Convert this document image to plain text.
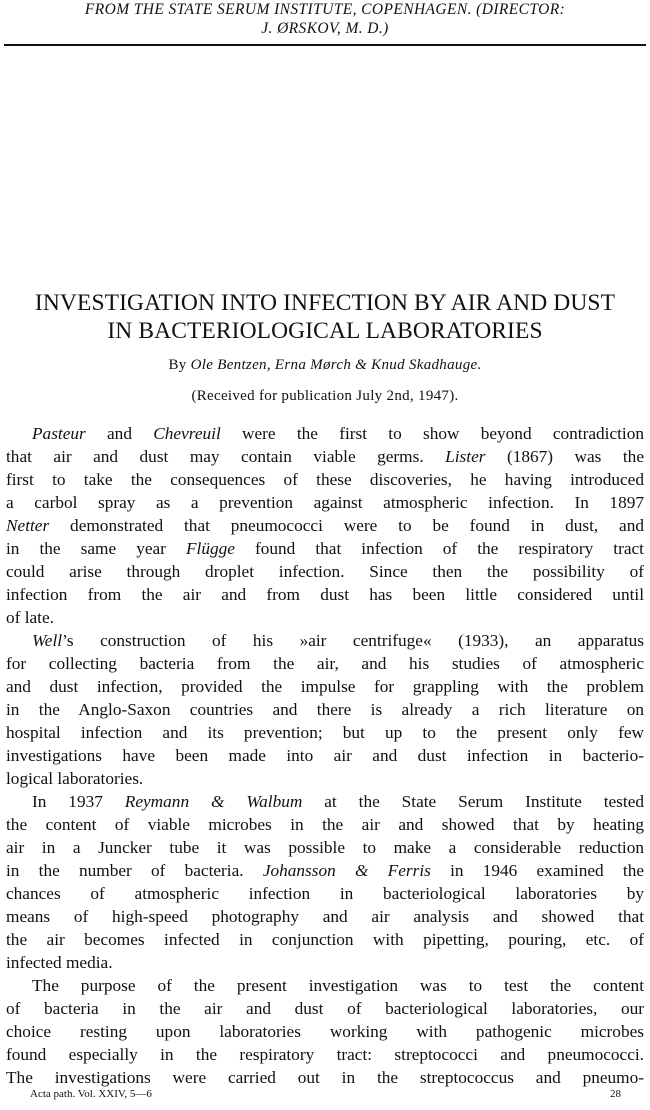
FROM THE STATE SERUM INSTITUTE, COPENHAGEN. (DIRECTOR:
J. ØRSKOV, M. D.)
INVESTIGATION INTO INFECTION BY AIR AND DUST
IN BACTERIOLOGICAL LABORATORIES
By Ole Bentzen, Erna Mørch & Knud Skadhauge.
(Received for publication July 2nd, 1947).
Pasteur and Chevreuil were the first to show beyond contradiction
that air and dust may contain viable germs. Lister (1867) was the
first to take the consequences of these discoveries, he having introduced
a carbol spray as a prevention against atmospheric infection. In 1897
Netter demonstrated that pneumococci were to be found in dust, and
in the same year Flügge found that infection of the respiratory tract
could arise through droplet infection. Since then the possibility of
infection from the air and from dust has been little considered until
of late.
Well’s construction of his »air centrifuge« (1933), an apparatus
for collecting bacteria from the air, and his studies of atmospheric
and dust infection, provided the impulse for grappling with the problem
in the Anglo-Saxon countries and there is already a rich literature on
hospital infection and its prevention; but up to the present only few
investigations have been made into air and dust infection in bacterio-
logical laboratories.
In 1937 Reymann & Walbum at the State Serum Institute tested
the content of viable microbes in the air and showed that by heating
air in a Juncker tube it was possible to make a considerable reduction
in the number of bacteria. Johansson & Ferris in 1946 examined the
chances of atmospheric infection in bacteriological laboratories by
means of high-speed photography and air analysis and showed that
the air becomes infected in conjunction with pipetting, pouring, etc. of
infected media.
The purpose of the present investigation was to test the content
of bacteria in the air and dust of bacteriological laboratories, our
choice resting upon laboratories working with pathogenic microbes
found especially in the respiratory tract: streptococci and pneumococci.
The investigations were carried out in the streptococcus and pneumo-
Acta path. Vol. XXIV, 5—6	28
